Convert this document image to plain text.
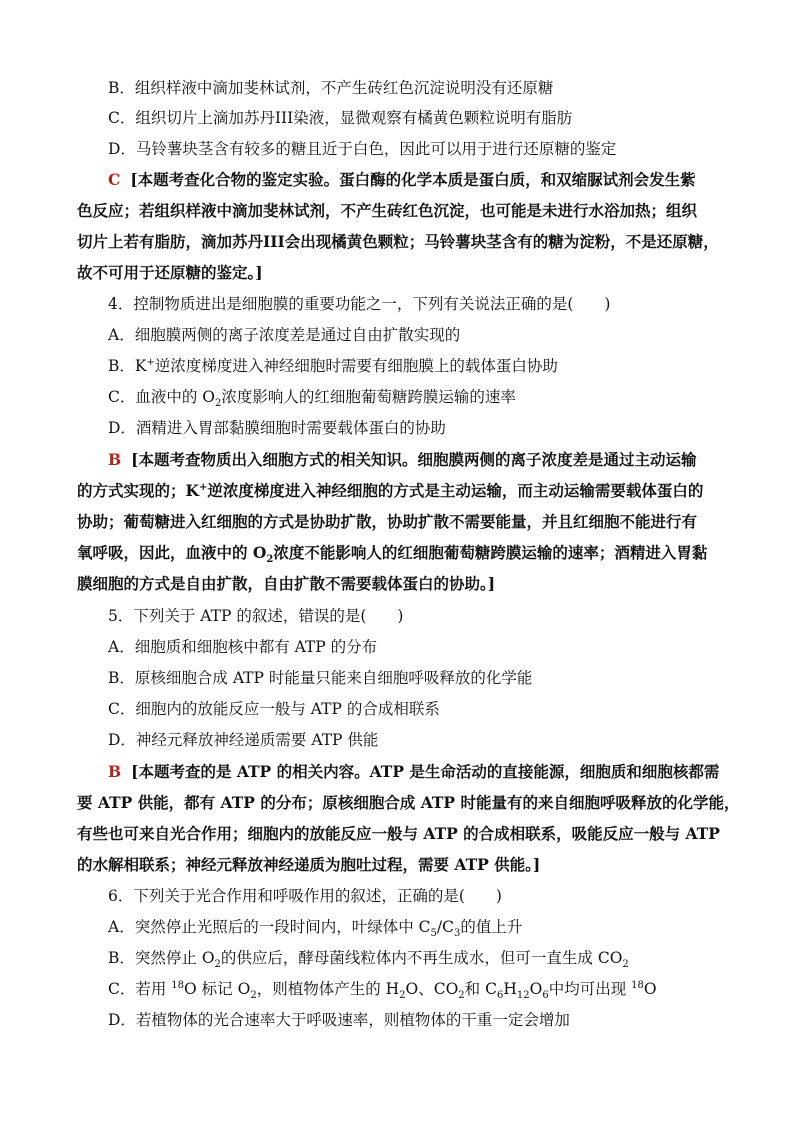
B．组织样液中滴加斐林试剂，不产生砖红色沉淀说明没有还原糖
C．组织切片上滴加苏丹III染液，显微观察有橘黄色颗粒说明有脂肪
D．马铃薯块茎含有较多的糖且近于白色，因此可以用于进行还原糖的鉴定
C [本题考查化合物的鉴定实验。蛋白酶的化学本质是蛋白质，和双缩脲试剂会发生紫
色反应；若组织样液中滴加斐林试剂，不产生砖红色沉淀，也可能是未进行水浴加热；组织
切片上若有脂肪，滴加苏丹III会出现橘黄色颗粒；马铃薯块茎含有的糖为淀粉，不是还原糖，
故不可用于还原糖的鉴定。]
4．控制物质进出是细胞膜的重要功能之一，下列有关说法正确的是(　　)
A．细胞膜两侧的离子浓度差是通过自由扩散实现的
B．K+逆浓度梯度进入神经细胞时需要有细胞膜上的载体蛋白协助
C．血液中的 $O_2$浓度影响人的红细胞葡萄糖跨膜运输的速率
D．酒精进入胃部黏膜细胞时需要载体蛋白的协助
B [本题考查物质出入细胞方式的相关知识。细胞膜两侧的离子浓度差是通过主动运输
的方式实现的；K+逆浓度梯度进入神经细胞的方式是主动运输，而主动运输需要载体蛋白的
协助；葡萄糖进入红细胞的方式是协助扩散，协助扩散不需要能量，并且红细胞不能进行有
氧呼吸，因此，血液中的 $O_2$浓度不能影响人的红细胞葡萄糖跨膜运输的速率；酒精进入胃黏
膜细胞的方式是自由扩散，自由扩散不需要载体蛋白的协助。]
5．下列关于 ATP 的叙述，错误的是(　　)
A．细胞质和细胞核中都有 ATP 的分布
B．原核细胞合成 ATP 时能量只能来自细胞呼吸释放的化学能
C．细胞内的放能反应一般与 ATP 的合成相联系
D．神经元释放神经递质需要 ATP 供能
B [本题考查的是 ATP 的相关内容。ATP 是生命活动的直接能源，细胞质和细胞核都需
要 ATP 供能，都有 ATP 的分布；原核细胞合成 ATP 时能量有的来自细胞呼吸释放的化学能，
有些也可来自光合作用；细胞内的放能反应一般与 ATP 的合成相联系，吸能反应一般与 ATP
的水解相联系；神经元释放神经递质为胞吐过程，需要 ATP 供能。]
6．下列关于光合作用和呼吸作用的叙述，正确的是(　　)
A．突然停止光照后的一段时间内，叶绿体中 $C_5/C_3$的值上升
B．突然停止 $O_2$的供应后，酵母菌线粒体内不再生成水，但可一直生成 $CO_2$
C．若用 $^{18}$O 标记 $O_2$，则植物体产生的 $H_2O$、$CO_2$和 $C_6H_{12}O_6$中均可出现 $^{18}$O
D．若植物体的光合速率大于呼吸速率，则植物体的干重一定会增加
